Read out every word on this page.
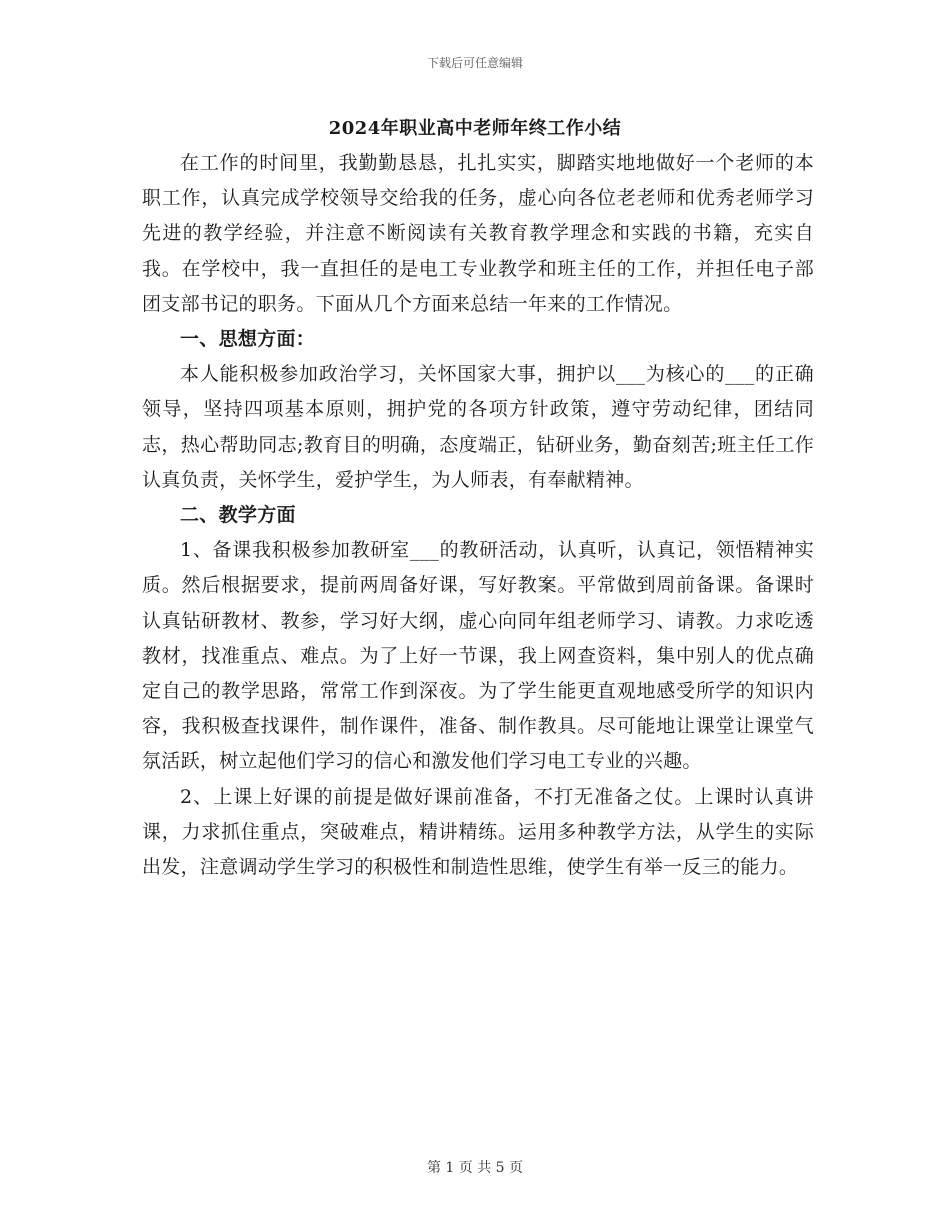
下载后可任意编辑
2024年职业高中老师年终工作小结

在工作的时间里，我勤勤恳恳，扎扎实实，脚踏实地地做好一个老师的本职工作，认真完成学校领导交给我的任务，虚心向各位老老师和优秀老师学习先进的教学经验，并注意不断阅读有关教育教学理念和实践的书籍，充实自我。在学校中，我一直担任的是电工专业教学和班主任的工作，并担任电子部团支部书记的职务。下面从几个方面来总结一年来的工作情况。

一、思想方面：

本人能积极参加政治学习，关怀国家大事，拥护以___为核心的___的正确领导，坚持四项基本原则，拥护党的各项方针政策，遵守劳动纪律，团结同志，热心帮助同志;教育目的明确，态度端正，钻研业务，勤奋刻苦;班主任工作认真负责，关怀学生，爱护学生，为人师表，有奉献精神。

二、教学方面

1、备课我积极参加教研室___的教研活动，认真听，认真记，领悟精神实质。然后根据要求，提前两周备好课，写好教案。平常做到周前备课。备课时认真钻研教材、教参，学习好大纲，虚心向同年组老师学习、请教。力求吃透教材，找准重点、难点。为了上好一节课，我上网查资料，集中别人的优点确定自己的教学思路，常常工作到深夜。为了学生能更直观地感受所学的知识内容，我积极查找课件，制作课件，准备、制作教具。尽可能地让课堂让课堂气氛活跃，树立起他们学习的信心和激发他们学习电工专业的兴趣。

2、上课上好课的前提是做好课前准备，不打无准备之仗。上课时认真讲课，力求抓住重点，突破难点，精讲精练。运用多种教学方法，从学生的实际出发，注意调动学生学习的积极性和制造性思维，使学生有举一反三的能力。

第 1 页 共 5 页
